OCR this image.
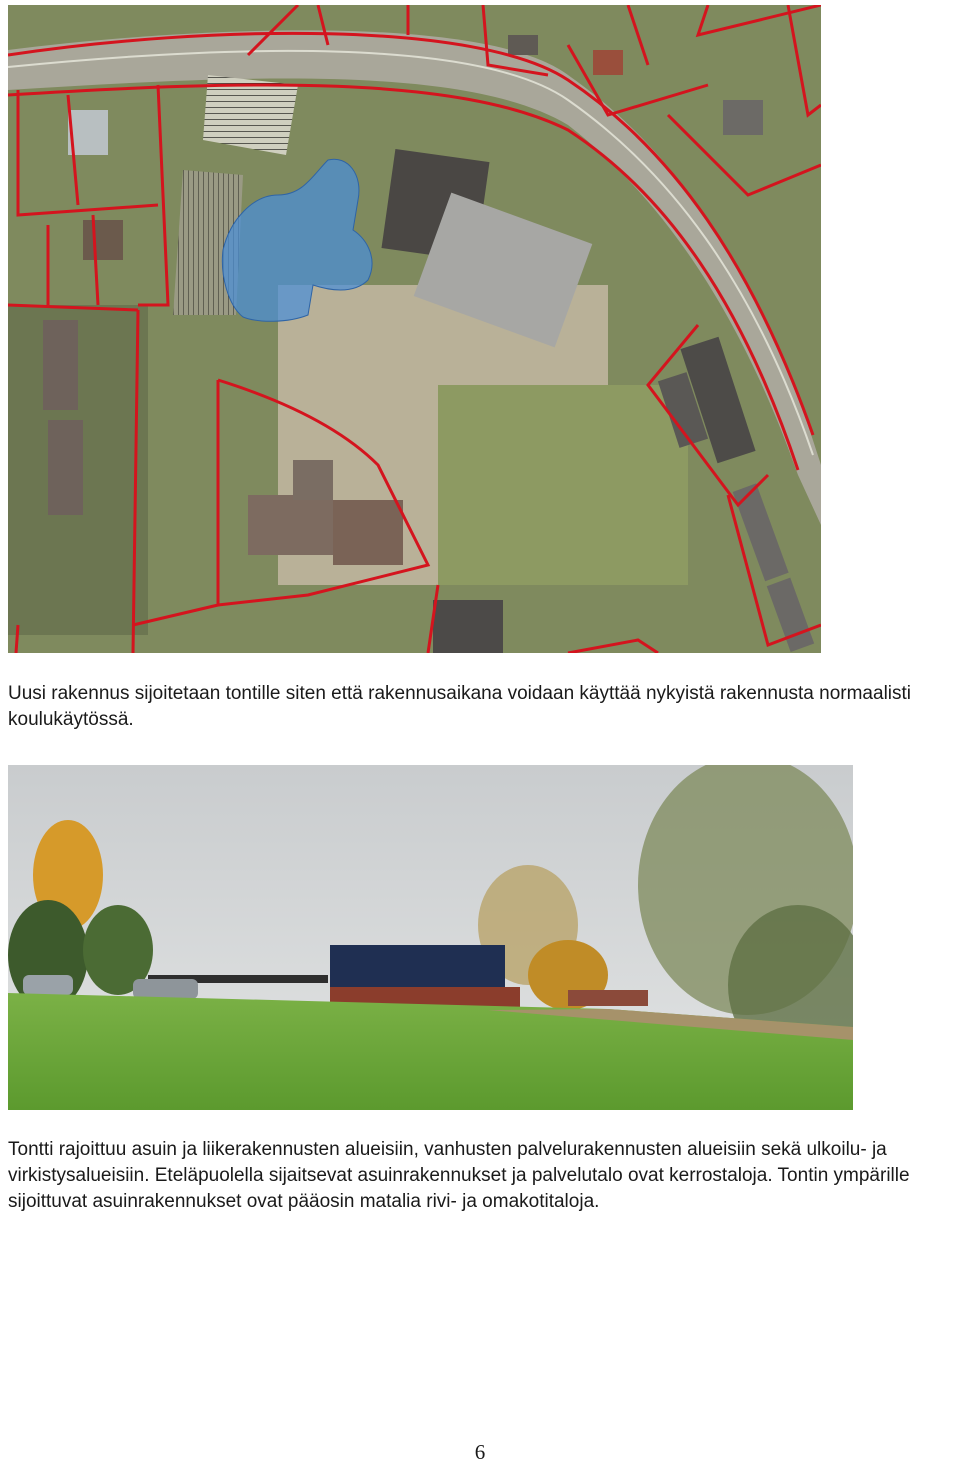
Uusi rakennus sijoitetaan tontille siten että rakennusaikana voidaan käyttää nykyistä rakennusta normaalisti koulukäytössä.

Tontti rajoittuu asuin ja liikerakennusten alueisiin, vanhusten palvelurakennusten alueisiin sekä ulkoilu- ja virkistysalueisiin. Eteläpuolella sijaitsevat asuinrakennukset ja palvelutalo ovat kerrostaloja. Tontin ympärille sijoittuvat asuinrakennukset ovat pääosin matalia rivi- ja omakotitaloja.

6
